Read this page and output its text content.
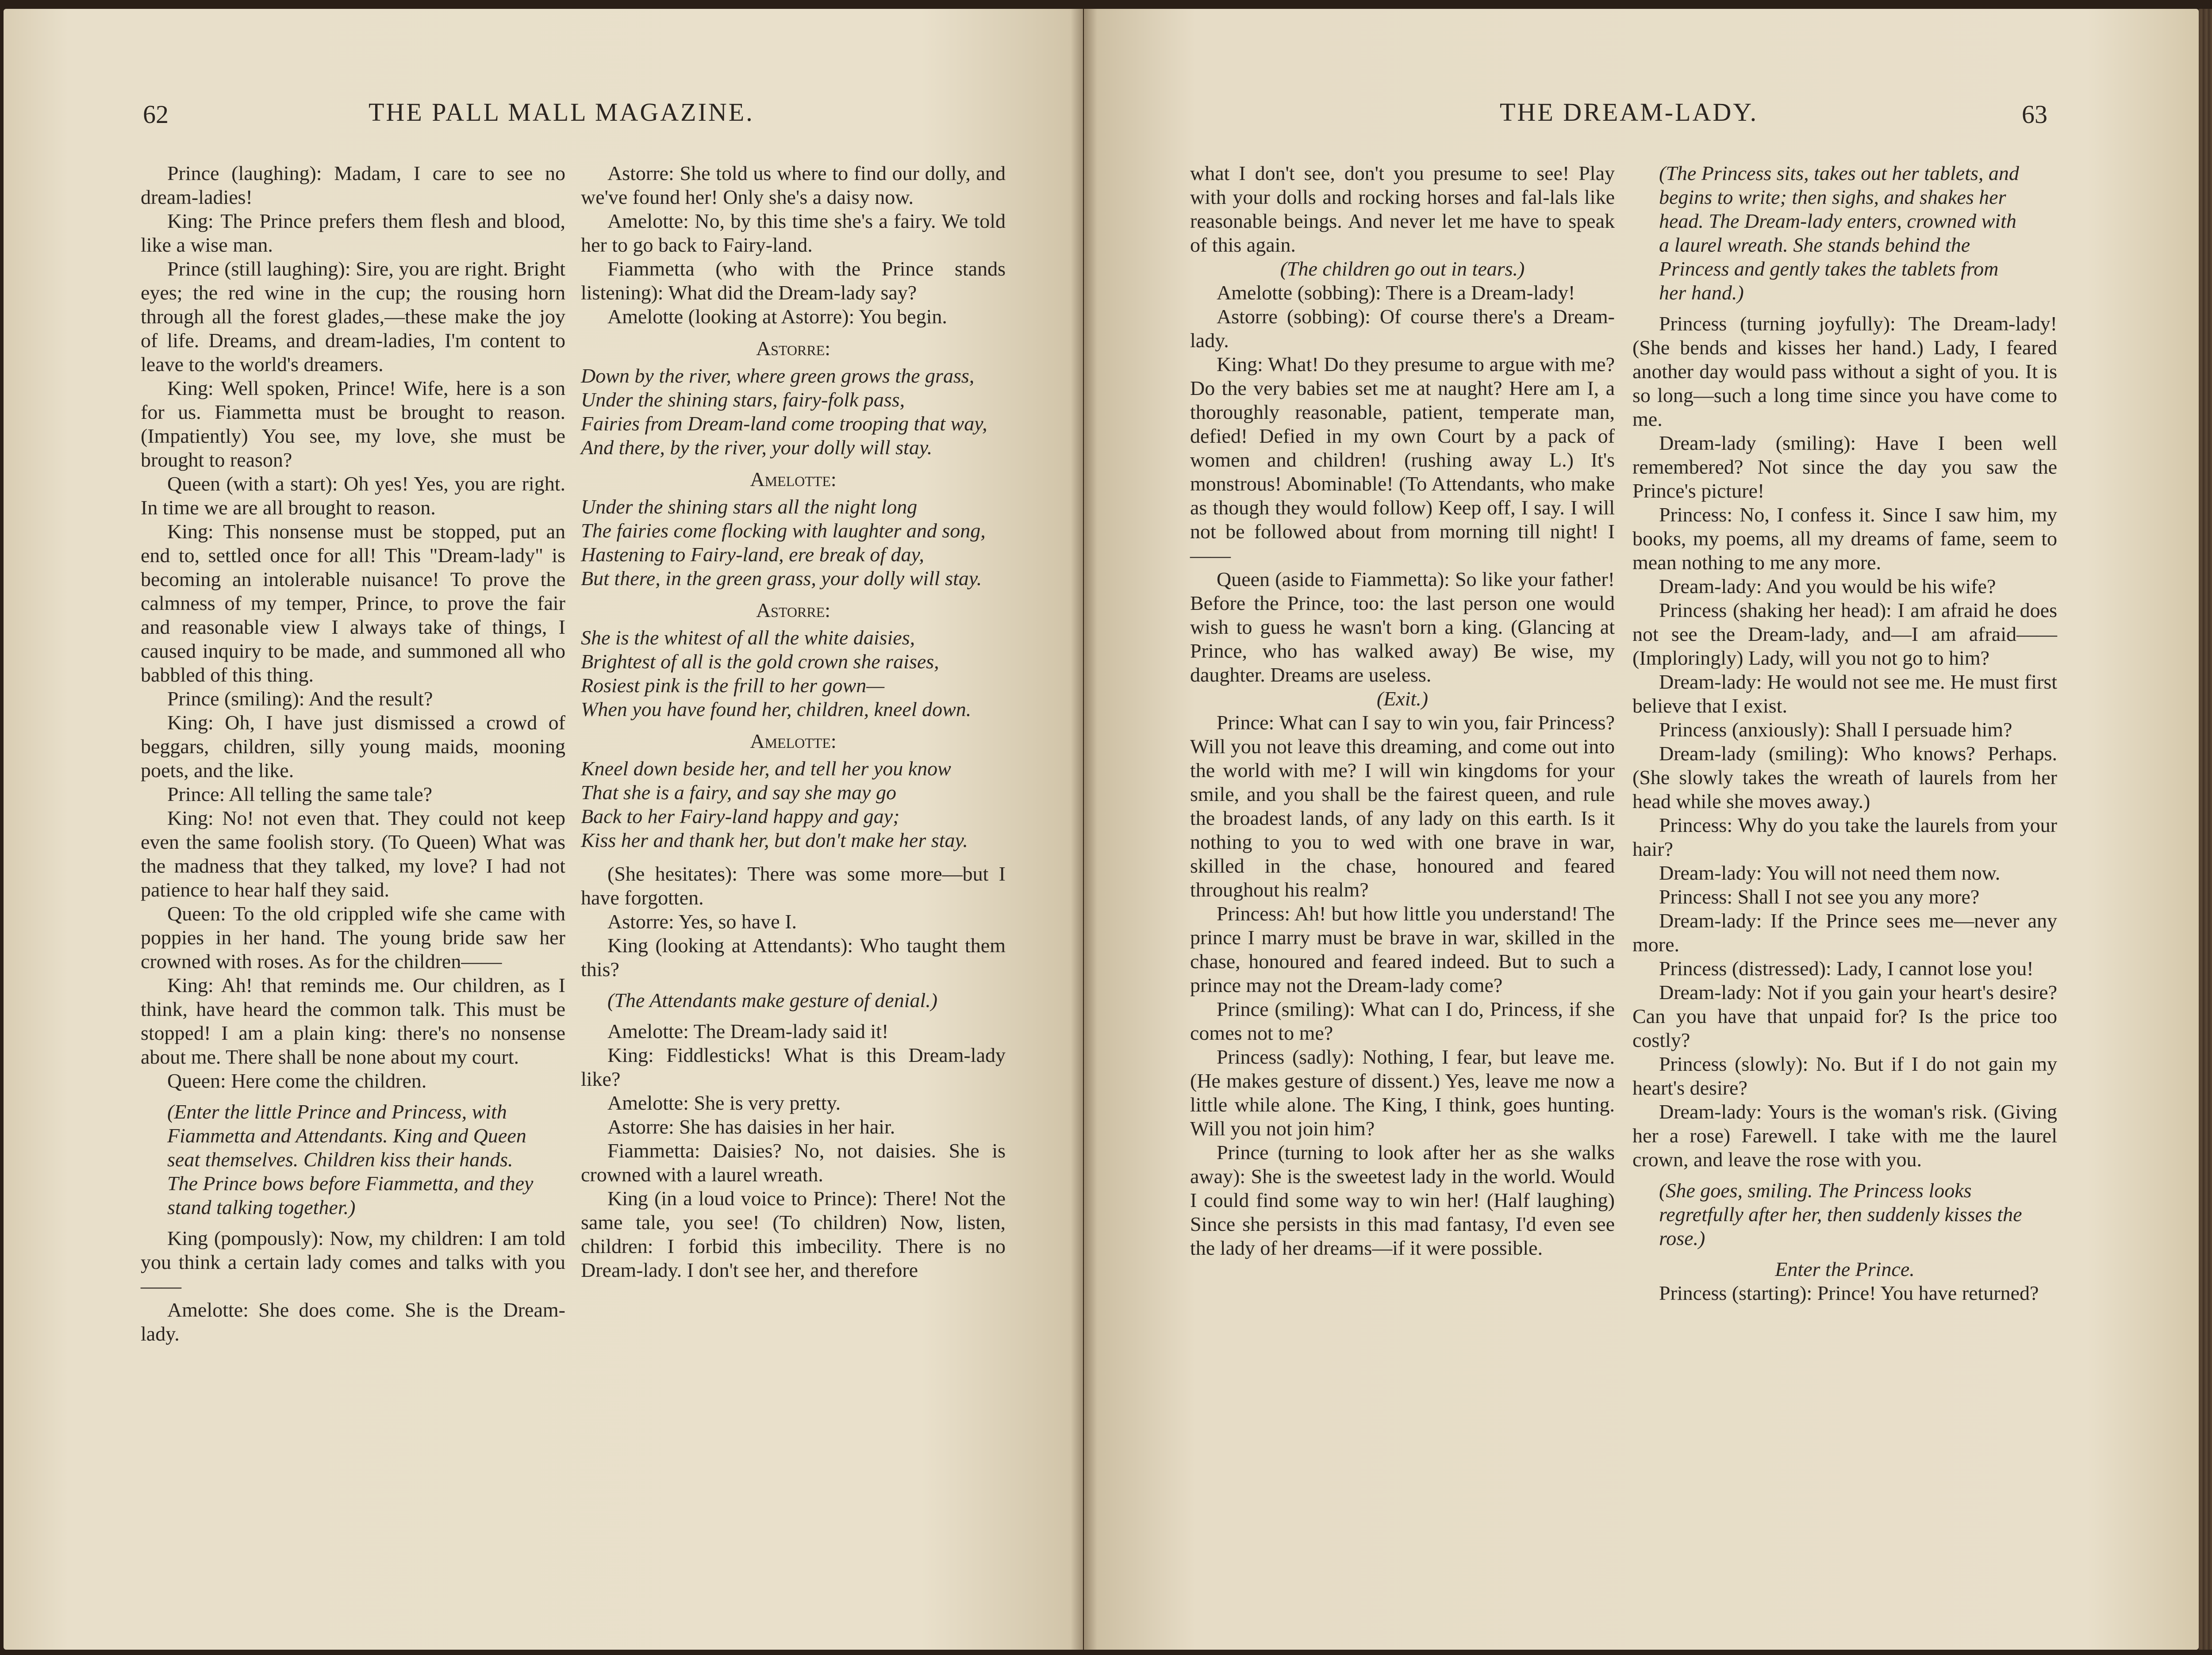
62	THE PALL MALL MAGAZINE.

Prince (laughing): Madam, I care to see no dream-ladies!

King: The Prince prefers them flesh and blood, like a wise man.

Prince (still laughing): Sire, you are right. Bright eyes; the red wine in the cup; the rousing horn through all the forest glades,—these make the joy of life. Dreams, and dream-ladies, I'm content to leave to the world's dreamers.

King: Well spoken, Prince! Wife, here is a son for us. Fiammetta must be brought to reason. (Impatiently) You see, my love, she must be brought to reason?

Queen (with a start): Oh yes! Yes, you are right. In time we are all brought to reason.

King: This nonsense must be stopped, put an end to, settled once for all! This "Dream-lady" is becoming an intolerable nuisance! To prove the calmness of my temper, Prince, to prove the fair and reasonable view I always take of things, I caused inquiry to be made, and summoned all who babbled of this thing.

Prince (smiling): And the result?

King: Oh, I have just dismissed a crowd of beggars, children, silly young maids, mooning poets, and the like.

Prince: All telling the same tale?

King: No! not even that. They could not keep even the same foolish story. (To Queen) What was the madness that they talked, my love? I had not patience to hear half they said.

Queen: To the old crippled wife she came with poppies in her hand. The young bride saw her crowned with roses. As for the children——

King: Ah! that reminds me. Our children, as I think, have heard the common talk. This must be stopped! I am a plain king: there's no nonsense about me. There shall be none about my court.

Queen: Here come the children.

(Enter the little Prince and Princess, with Fiammetta and Attendants. King and Queen seat themselves. Children kiss their hands. The Prince bows before Fiammetta, and they stand talking together.)

King (pompously): Now, my children: I am told you think a certain lady comes and talks with you——

Amelotte: She does come. She is the Dream-lady.

Astorre: She told us where to find our dolly, and we've found her! Only she's a daisy now.

Amelotte: No, by this time she's a fairy. We told her to go back to Fairy-land.

Fiammetta (who with the Prince stands listening): What did the Dream-lady say?

Amelotte (looking at Astorre): You begin.

Astorre:

Down by the river, where green grows the grass,

Under the shining stars, fairy-folk pass,

Fairies from Dream-land come trooping that way,

And there, by the river, your dolly will stay.

Amelotte:

Under the shining stars all the night long

The fairies come flocking with laughter and song,

Hastening to Fairy-land, ere break of day,

But there, in the green grass, your dolly will stay.

Astorre:

She is the whitest of all the white daisies,

Brightest of all is the gold crown she raises,

Rosiest pink is the frill to her gown—

When you have found her, children, kneel down.

Amelotte:

Kneel down beside her, and tell her you know

That she is a fairy, and say she may go

Back to her Fairy-land happy and gay;

Kiss her and thank her, but don't make her stay.

(She hesitates): There was some more—but I have forgotten.

Astorre: Yes, so have I.

King (looking at Attendants): Who taught them this?

(The Attendants make gesture of denial.)

Amelotte: The Dream-lady said it!

King: Fiddlesticks! What is this Dream-lady like?

Amelotte: She is very pretty.

Astorre: She has daisies in her hair.

Fiammetta: Daisies? No, not daisies. She is crowned with a laurel wreath.

King (in a loud voice to Prince): There! Not the same tale, you see! (To children) Now, listen, children: I forbid this imbecility. There is no Dream-lady. I don't see her, and therefore

THE DREAM-LADY.	63

what I don't see, don't you presume to see! Play with your dolls and rocking horses and fal-lals like reasonable beings. And never let me have to speak of this again.

(The children go out in tears.)

Amelotte (sobbing): There is a Dream-lady!

Astorre (sobbing): Of course there's a Dream-lady.

King: What! Do they presume to argue with me? Do the very babies set me at naught? Here am I, a thoroughly reasonable, patient, temperate man, defied! Defied in my own Court by a pack of women and children! (rushing away L.) It's monstrous! Abominable! (To Attendants, who make as though they would follow) Keep off, I say. I will not be followed about from morning till night! I——

Queen (aside to Fiammetta): So like your father! Before the Prince, too: the last person one would wish to guess he wasn't born a king. (Glancing at Prince, who has walked away) Be wise, my daughter. Dreams are useless.

(Exit.)

Prince: What can I say to win you, fair Princess? Will you not leave this dreaming, and come out into the world with me? I will win kingdoms for your smile, and you shall be the fairest queen, and rule the broadest lands, of any lady on this earth. Is it nothing to you to wed with one brave in war, skilled in the chase, honoured and feared throughout his realm?

Princess: Ah! but how little you understand! The prince I marry must be brave in war, skilled in the chase, honoured and feared indeed. But to such a prince may not the Dream-lady come?

Prince (smiling): What can I do, Princess, if she comes not to me?

Princess (sadly): Nothing, I fear, but leave me. (He makes gesture of dissent.) Yes, leave me now a little while alone. The King, I think, goes hunting. Will you not join him?

Prince (turning to look after her as she walks away): She is the sweetest lady in the world. Would I could find some way to win her! (Half laughing) Since she persists in this mad fantasy, I'd even see the lady of her dreams—if it were possible.

(The Princess sits, takes out her tablets, and begins to write; then sighs, and shakes her head. The Dream-lady enters, crowned with a laurel wreath. She stands behind the Princess and gently takes the tablets from her hand.)

Princess (turning joyfully): The Dream-lady! (She bends and kisses her hand.) Lady, I feared another day would pass without a sight of you. It is so long—such a long time since you have come to me.

Dream-lady (smiling): Have I been well remembered? Not since the day you saw the Prince's picture!

Princess: No, I confess it. Since I saw him, my books, my poems, all my dreams of fame, seem to mean nothing to me any more.

Dream-lady: And you would be his wife?

Princess (shaking her head): I am afraid he does not see the Dream-lady, and—I am afraid—— (Imploringly) Lady, will you not go to him?

Dream-lady: He would not see me. He must first believe that I exist.

Princess (anxiously): Shall I persuade him?

Dream-lady (smiling): Who knows? Perhaps. (She slowly takes the wreath of laurels from her head while she moves away.)

Princess: Why do you take the laurels from your hair?

Dream-lady: You will not need them now.

Princess: Shall I not see you any more?

Dream-lady: If the Prince sees me—never any more.

Princess (distressed): Lady, I cannot lose you!

Dream-lady: Not if you gain your heart's desire? Can you have that unpaid for? Is the price too costly?

Princess (slowly): No. But if I do not gain my heart's desire?

Dream-lady: Yours is the woman's risk. (Giving her a rose) Farewell. I take with me the laurel crown, and leave the rose with you.

(She goes, smiling. The Princess looks regretfully after her, then suddenly kisses the rose.)

Enter the Prince.

Princess (starting): Prince! You have returned?
